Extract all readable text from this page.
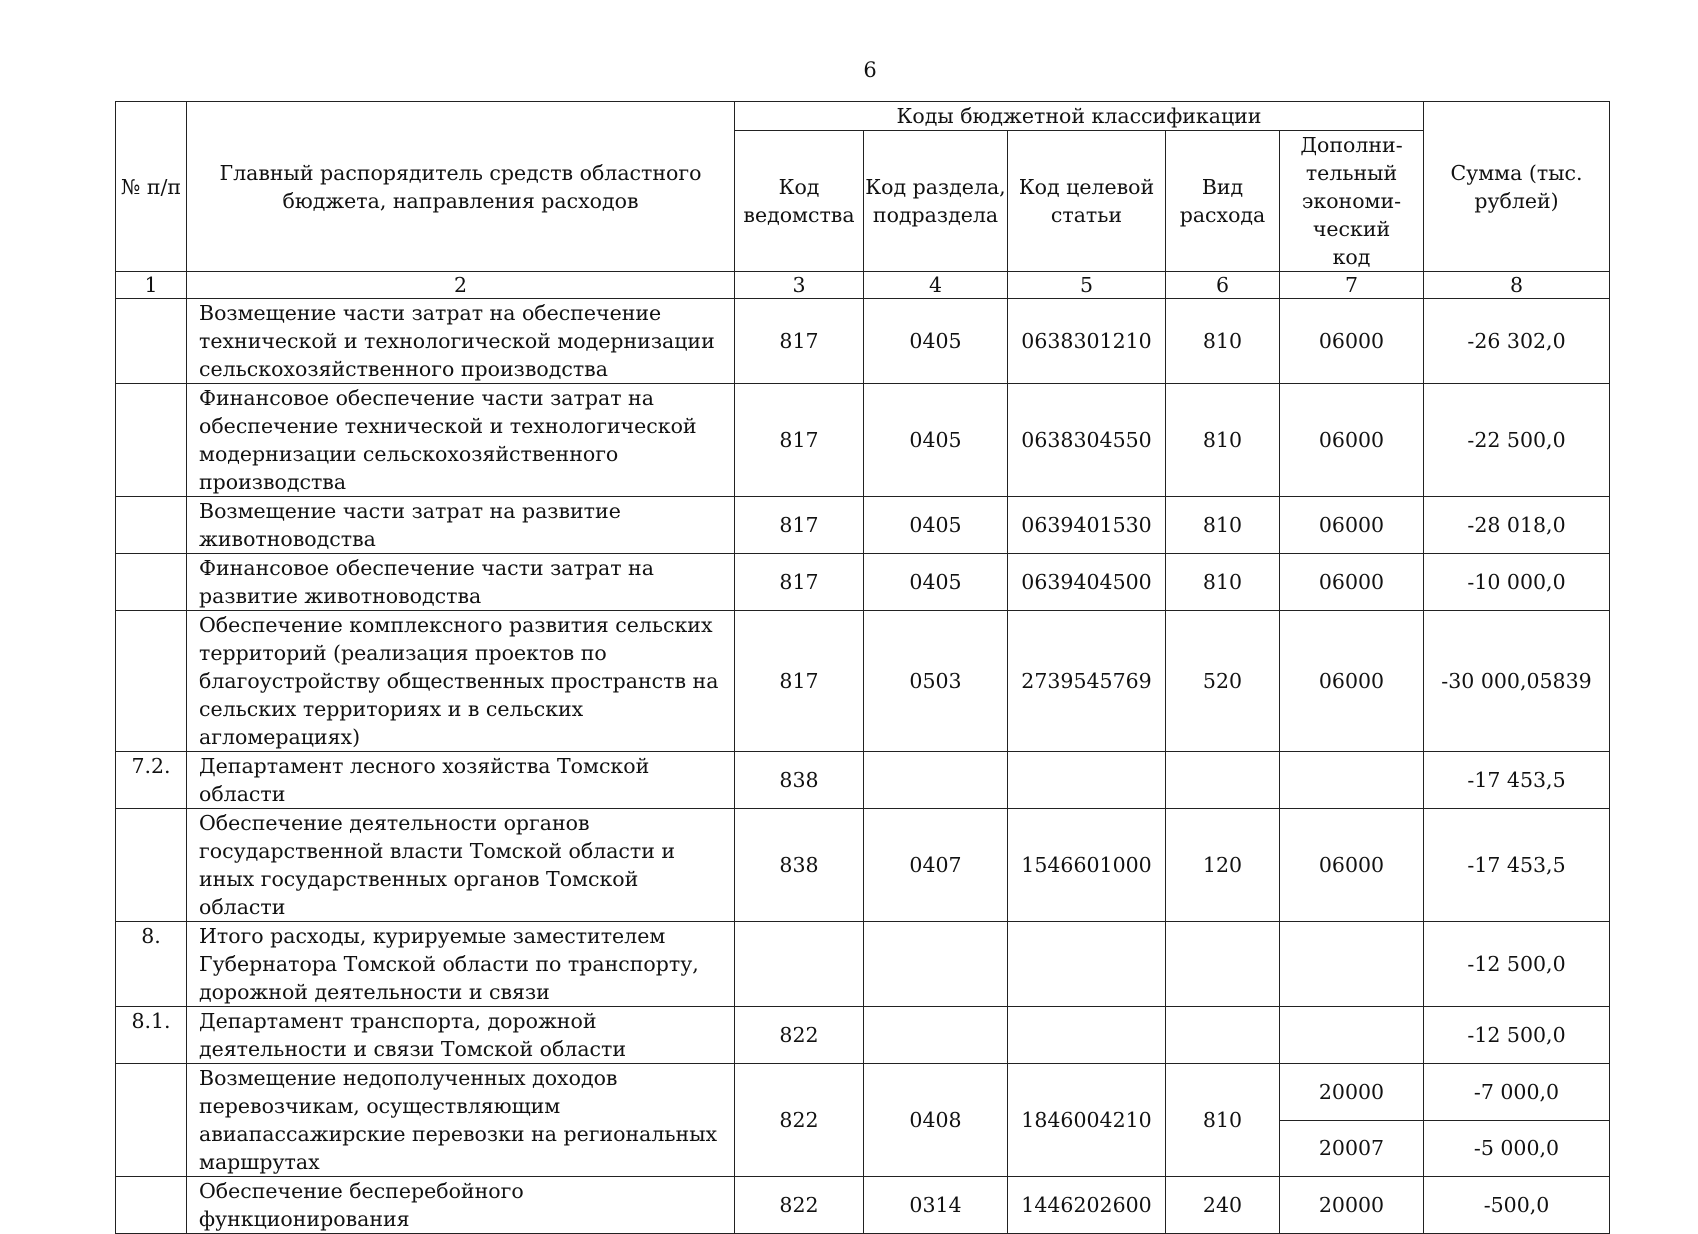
6
№ п/п	Главный распорядитель средств областного бюджета, направления расходов	Коды бюджетной классификации					Сумма (тыс. рублей)
		Код ведомства	Код раздела, подраздела	Код целевой статьи	Вид расхода	Дополни-тельный экономи-ческий код	
1	2	3	4	5	6	7	8
	Возмещение части затрат на обеспечение технической и технологической модернизации сельскохозяйственного производства	817	0405	0638301210	810	06000	-26 302,0
	Финансовое обеспечение части затрат на обеспечение технической и технологической модернизации сельскохозяйственного производства	817	0405	0638304550	810	06000	-22 500,0
	Возмещение части затрат на развитие животноводства	817	0405	0639401530	810	06000	-28 018,0
	Финансовое обеспечение части затрат на развитие животноводства	817	0405	0639404500	810	06000	-10 000,0
	Обеспечение комплексного развития сельских территорий (реализация проектов по благоустройству общественных пространств на сельских территориях и в сельских агломерациях)	817	0503	2739545769	520	06000	-30 000,05839
7.2.	Департамент лесного хозяйства Томской области	838					-17 453,5
	Обеспечение деятельности органов государственной власти Томской области и иных государственных органов Томской области	838	0407	1546601000	120	06000	-17 453,5
8.	Итого расходы, курируемые заместителем Губернатора Томской области по транспорту, дорожной деятельности и связи						-12 500,0
8.1.	Департамент транспорта, дорожной деятельности и связи Томской области	822					-12 500,0
	Возмещение недополученных доходов перевозчикам, осуществляющим авиапассажирские перевозки на региональных маршрутах	822	0408	1846004210	810	20000	-7 000,0
						20007	-5 000,0
	Обеспечение бесперебойного функционирования	822	0314	1446202600	240	20000	-500,0
